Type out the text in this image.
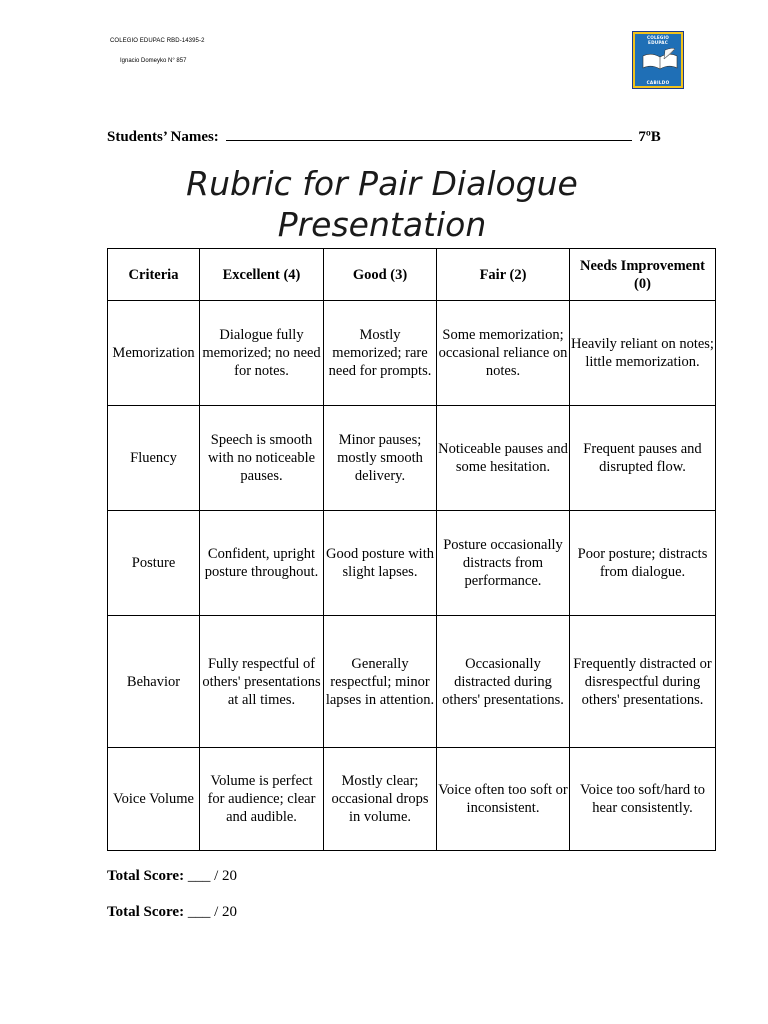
COLEGIO EDUPAC RBD-14395-2
Ignacio Domeyko N° 857
COLEGIO
EDUPAC
CABILDO
Students’ Names:	7ºB
Rubric for Pair Dialogue Presentation
Criteria	Excellent (4)	Good (3)	Fair (2)	Needs Improvement (0)
Memorization	Dialogue fully memorized; no need for notes.	Mostly memorized; rare need for prompts.	Some memorization; occasional reliance on notes.	Heavily reliant on notes; little memorization.
Fluency	Speech is smooth with no noticeable pauses.	Minor pauses; mostly smooth delivery.	Noticeable pauses and some hesitation.	Frequent pauses and disrupted flow.
Posture	Confident, upright posture throughout.	Good posture with slight lapses.	Posture occasionally distracts from performance.	Poor posture; distracts from dialogue.
Behavior	Fully respectful of others' presentations at all times.	Generally respectful; minor lapses in attention.	Occasionally distracted during others' presentations.	Frequently distracted or disrespectful during others' presentations.
Voice Volume	Volume is perfect for audience; clear and audible.	Mostly clear; occasional drops in volume.	Voice often too soft or inconsistent.	Voice too soft/hard to hear consistently.
Total Score: ___ / 20
Total Score: ___ / 20
